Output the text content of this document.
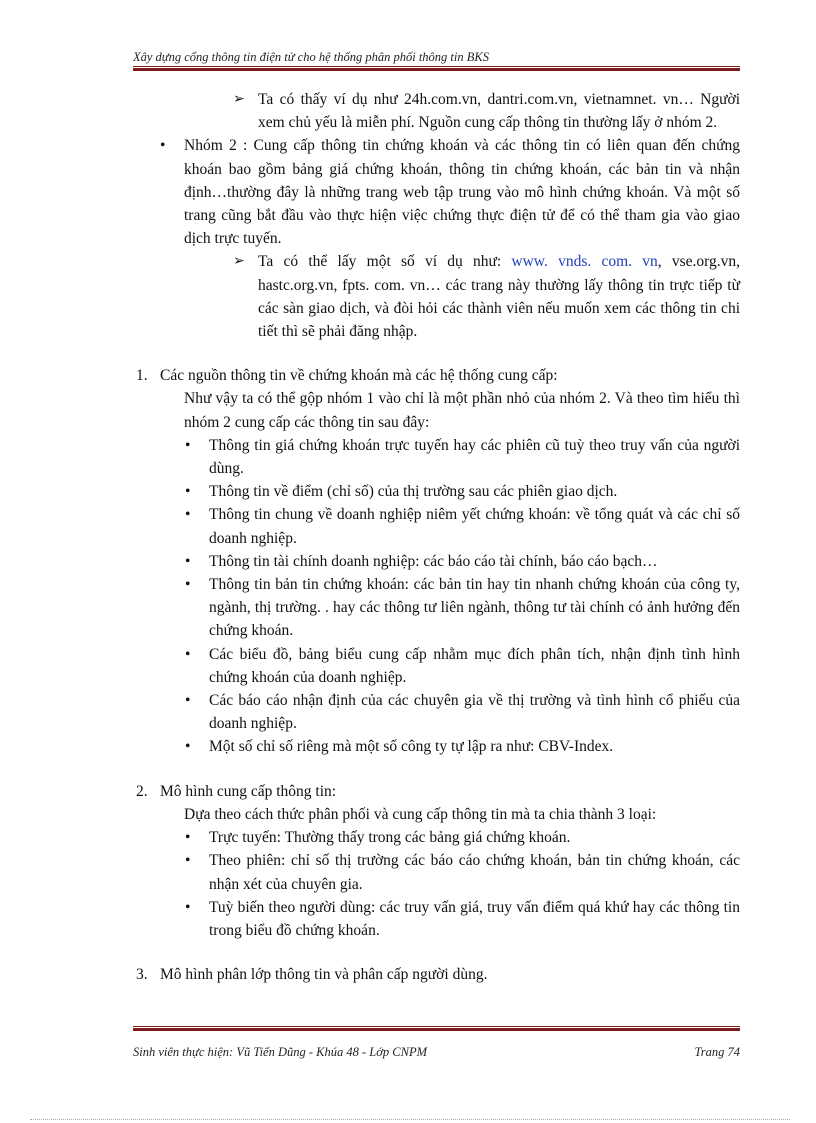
Xây dựng cổng thông tin điện tử cho hệ thống phân phối thông tin BKS

➢ Ta có thấy ví dụ như 24h.com.vn, dantri.com.vn, vietnamnet. vn… Người xem chủ yếu là miễn phí. Nguồn cung cấp thông tin thường lấy ở nhóm 2.

• Nhóm 2 : Cung cấp thông tin chứng khoán và các thông tin có liên quan đến chứng khoán bao gồm bảng giá chứng khoán, thông tin chứng khoán, các bản tin và nhận định…thường đây là những trang web tập trung vào mô hình chứng khoán. Và một số trang cũng bắt đầu vào thực hiện việc chứng thực điện tử để có thể tham gia vào giao dịch trực tuyến.

➢ Ta có thể lấy một số ví dụ như: www. vnds. com. vn, vse.org.vn, hastc.org.vn, fpts. com. vn… các trang này thường lấy thông tin trực tiếp từ các sàn giao dịch, và đòi hỏi các thành viên nếu muốn xem các thông tin chi tiết thì sẽ phải đăng nhập.

1. Các nguồn thông tin về chứng khoán mà các hệ thống cung cấp:

Như vậy ta có thể gộp nhóm 1 vào chỉ là một phần nhỏ của nhóm 2. Và theo tìm hiểu thì nhóm 2 cung cấp các thông tin sau đây:

• Thông tin giá chứng khoán trực tuyến hay các phiên cũ tuỳ theo truy vấn của người dùng.

• Thông tin về điểm (chỉ số) của thị trường sau các phiên giao dịch.

• Thông tin chung về doanh nghiệp niêm yết chứng khoán: về tổng quát và các chỉ số doanh nghiệp.

• Thông tin tài chính doanh nghiệp: các báo cáo tài chính, báo cáo bạch…

• Thông tin bản tin chứng khoán: các bản tin hay tin nhanh chứng khoán của công ty, ngành, thị trường. . hay các thông tư liên ngành, thông tư tài chính có ảnh hưởng đến chứng khoán.

• Các biểu đồ, bảng biểu cung cấp nhằm mục đích phân tích, nhận định tình hình chứng khoán của doanh nghiệp.

• Các báo cáo nhận định của các chuyên gia về thị trường và tình hình cổ phiếu của doanh nghiệp.

• Một số chỉ số riêng mà một số công ty tự lập ra như: CBV-Index.

2. Mô hình cung cấp thông tin:

Dựa theo cách thức phân phối và cung cấp thông tin mà ta chia thành 3 loại:

• Trực tuyến: Thường thấy trong các bảng giá chứng khoán.

• Theo phiên: chỉ số thị trường các báo cáo chứng khoán, bản tin chứng khoán, các nhận xét của chuyên gia.

• Tuỳ biến theo người dùng: các truy vấn giá, truy vấn điểm quá khứ hay các thông tin trong biểu đồ chứng khoán.

3. Mô hình phân lớp thông tin và phân cấp người dùng.

Sinh viên thực hiện: Vũ Tiến Dũng - Khúa 48 - Lớp CNPM	Trang 74
